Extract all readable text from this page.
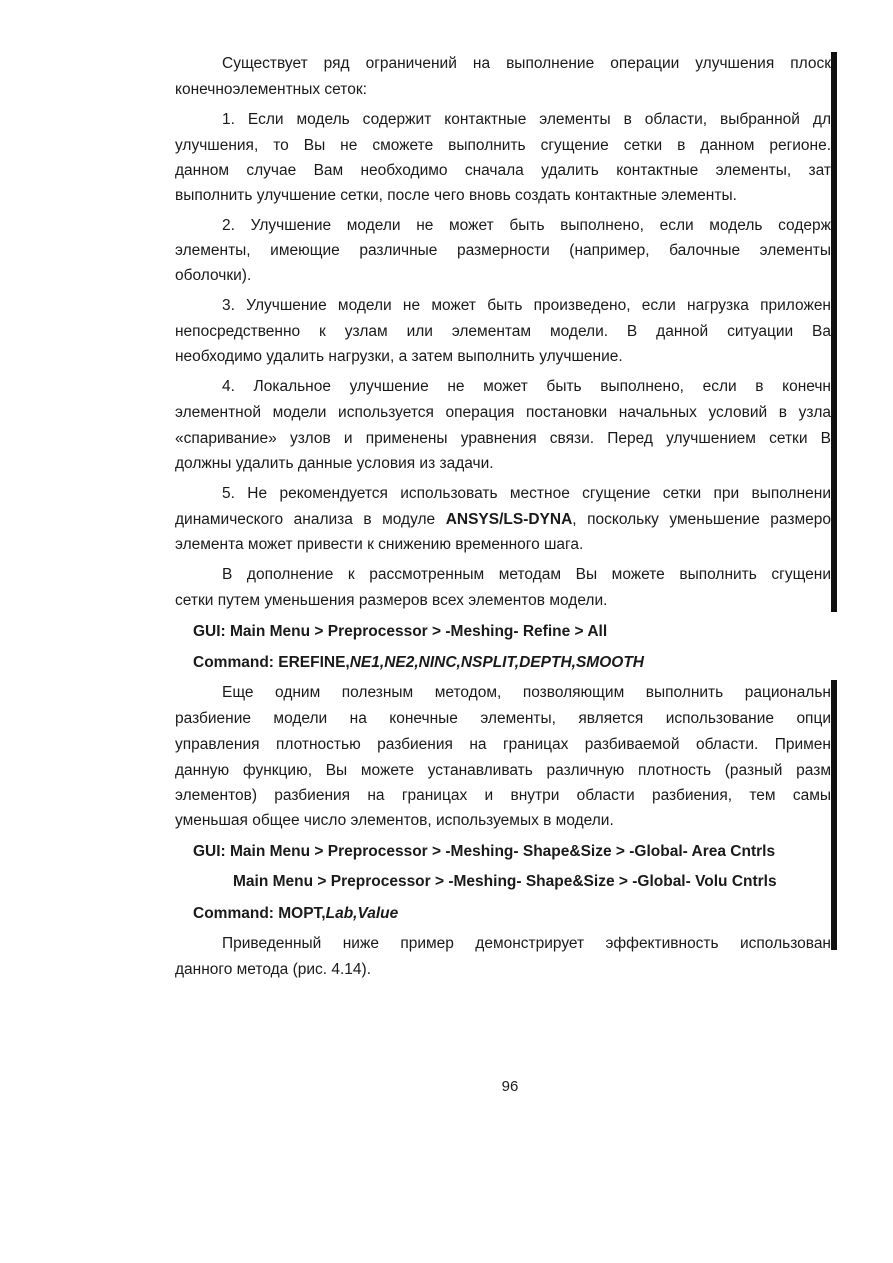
Существует ряд ограничений на выполнение операции улучшения плоск
конечноэлементных сеток:
1. Если модель содержит контактные элементы в области, выбранной дл
улучшения, то Вы не сможете выполнить сгущение сетки в данном регионе.
данном случае Вам необходимо сначала удалить контактные элементы, зат
выполнить улучшение сетки, после чего вновь создать контактные элементы.
2. Улучшение модели не может быть выполнено, если модель содерж
элементы, имеющие различные размерности (например, балочные элементы
оболочки).
3. Улучшение модели не может быть произведено, если нагрузка приложен
непосредственно к узлам или элементам модели. В данной ситуации Ва
необходимо удалить нагрузки, а затем выполнить улучшение.
4. Локальное улучшение не может быть выполнено, если в конечн
элементной модели используется операция постановки начальных условий в узла
«спаривание» узлов и применены уравнения связи. Перед улучшением сетки В
должны удалить данные условия из задачи.
5. Не рекомендуется использовать местное сгущение сетки при выполнени
динамического анализа в модуле ANSYS/LS-DYNA, поскольку уменьшение размеро
элемента может привести к снижению временного шага.
В дополнение к рассмотренным методам Вы можете выполнить сгущени
сетки путем уменьшения размеров всех элементов модели.
GUI: Main Menu > Preprocessor > -Meshing- Refine > All
Command: EREFINE,NE1,NE2,NINC,NSPLIT,DEPTH,SMOOTH
Еще одним полезным методом, позволяющим выполнить рациональн
разбиение модели на конечные элементы, является использование опци
управления плотностью разбиения на границах разбиваемой области. Примен
данную функцию, Вы можете устанавливать различную плотность (разный разм
элементов) разбиения на границах и внутри области разбиения, тем самы
уменьшая общее число элементов, используемых в модели.
GUI: Main Menu > Preprocessor > -Meshing- Shape&Size > -Global- Area Cntrls
Main Menu > Preprocessor > -Meshing- Shape&Size > -Global- Volu Cntrls
Command: MOPT,Lab,Value
Приведенный ниже пример демонстрирует эффективность использован
данного метода (рис. 4.14).
96
